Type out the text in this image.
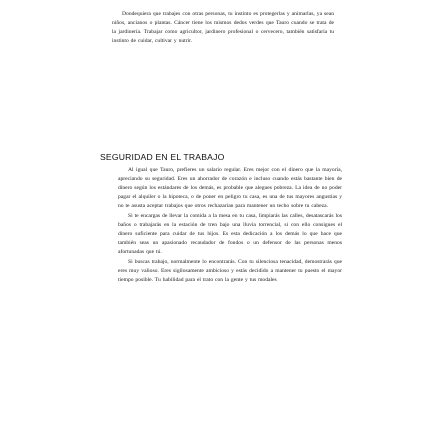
Dondequiera que trabajes con otras personas, tu instinto es protegerlas y animarlas, ya sean niños, ancianos o plantas. Cáncer tiene los mismos dedos verdes que Tauro cuando se trata de la jardinería. Trabajar como agricultor, jardinero profesional o cervecero, también satisfaría tu instinto de cuidar, cultivar y nutrir.

SEGURIDAD EN EL TRABAJO

Al igual que Tauro, prefieres un salario regular. Eres mejor con el dinero que la mayoría, apreciando su seguridad. Eres un ahorrador de corazón e incluso cuando estás bastante bien de dinero según los estándares de los demás, es probable que alegues pobreza. La idea de no poder pagar el alquiler o la hipoteca, o de poner en peligro tu casa, es una de tus mayores angustias y no te asusta aceptar trabajos que otros rechazarían para mantener un techo sobre tu cabeza.

Si te encargas de llevar la comida a la mesa en tu casa, limpiarás las calles, desatascarás los baños o trabajarás en la estación de tren bajo una lluvia torrencial, si con ello consigues el dinero suficiente para cuidar de tus hijos. Es esta dedicación a los demás lo que hace que también seas un apasionado recaudador de fondos o un defensor de las personas menos afortunadas que tú.

Si buscas trabajo, normalmente lo encontrarás. Con tu silenciosa tenacidad, demostrarás que eres muy valioso. Eres sigilosamente ambicioso y estás decidido a mantener tu puesto el mayor tiempo posible. Tu habilidad para el trato con la gente y tus modales
